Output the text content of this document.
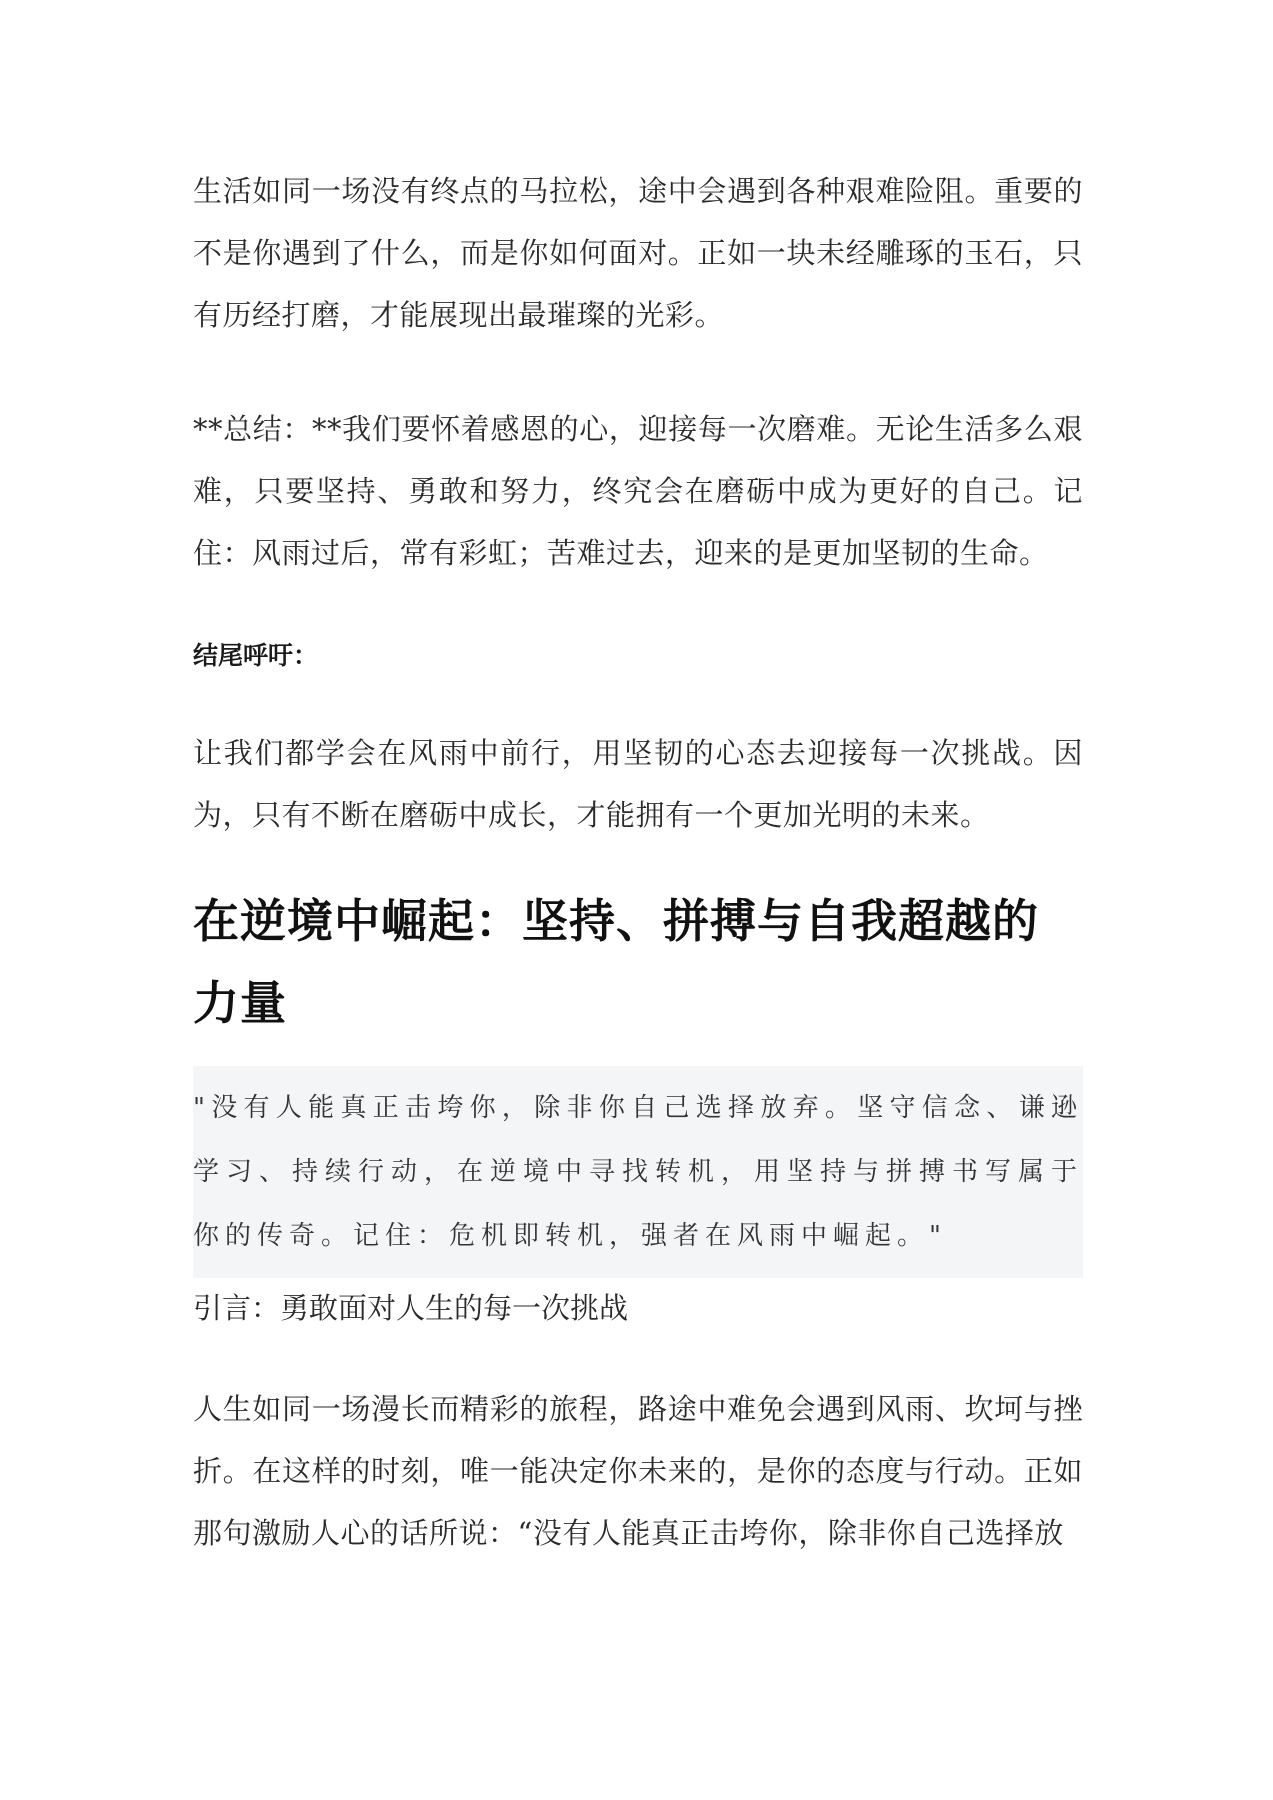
生活如同一场没有终点的马拉松，途中会遇到各种艰难险阻。重要的不是你遇到了什么，而是你如何面对。正如一块未经雕琢的玉石，只有历经打磨，才能展现出最璀璨的光彩。

**总结：**我们要怀着感恩的心，迎接每一次磨难。无论生活多么艰难，只要坚持、勇敢和努力，终究会在磨砺中成为更好的自己。记住：风雨过后，常有彩虹；苦难过去，迎来的是更加坚韧的生命。

结尾呼吁：

让我们都学会在风雨中前行，用坚韧的心态去迎接每一次挑战。因为，只有不断在磨砺中成长，才能拥有一个更加光明的未来。

在逆境中崛起：坚持、拼搏与自我超越的力量

"没有人能真正击垮你，除非你自己选择放弃。坚守信念、谦逊学习、持续行动，在逆境中寻找转机，用坚持与拼搏书写属于你的传奇。记住：危机即转机，强者在风雨中崛起。"

引言：勇敢面对人生的每一次挑战

人生如同一场漫长而精彩的旅程，路途中难免会遇到风雨、坎坷与挫折。在这样的时刻，唯一能决定你未来的，是你的态度与行动。正如那句激励人心的话所说：“没有人能真正击垮你，除非你自己选择放
